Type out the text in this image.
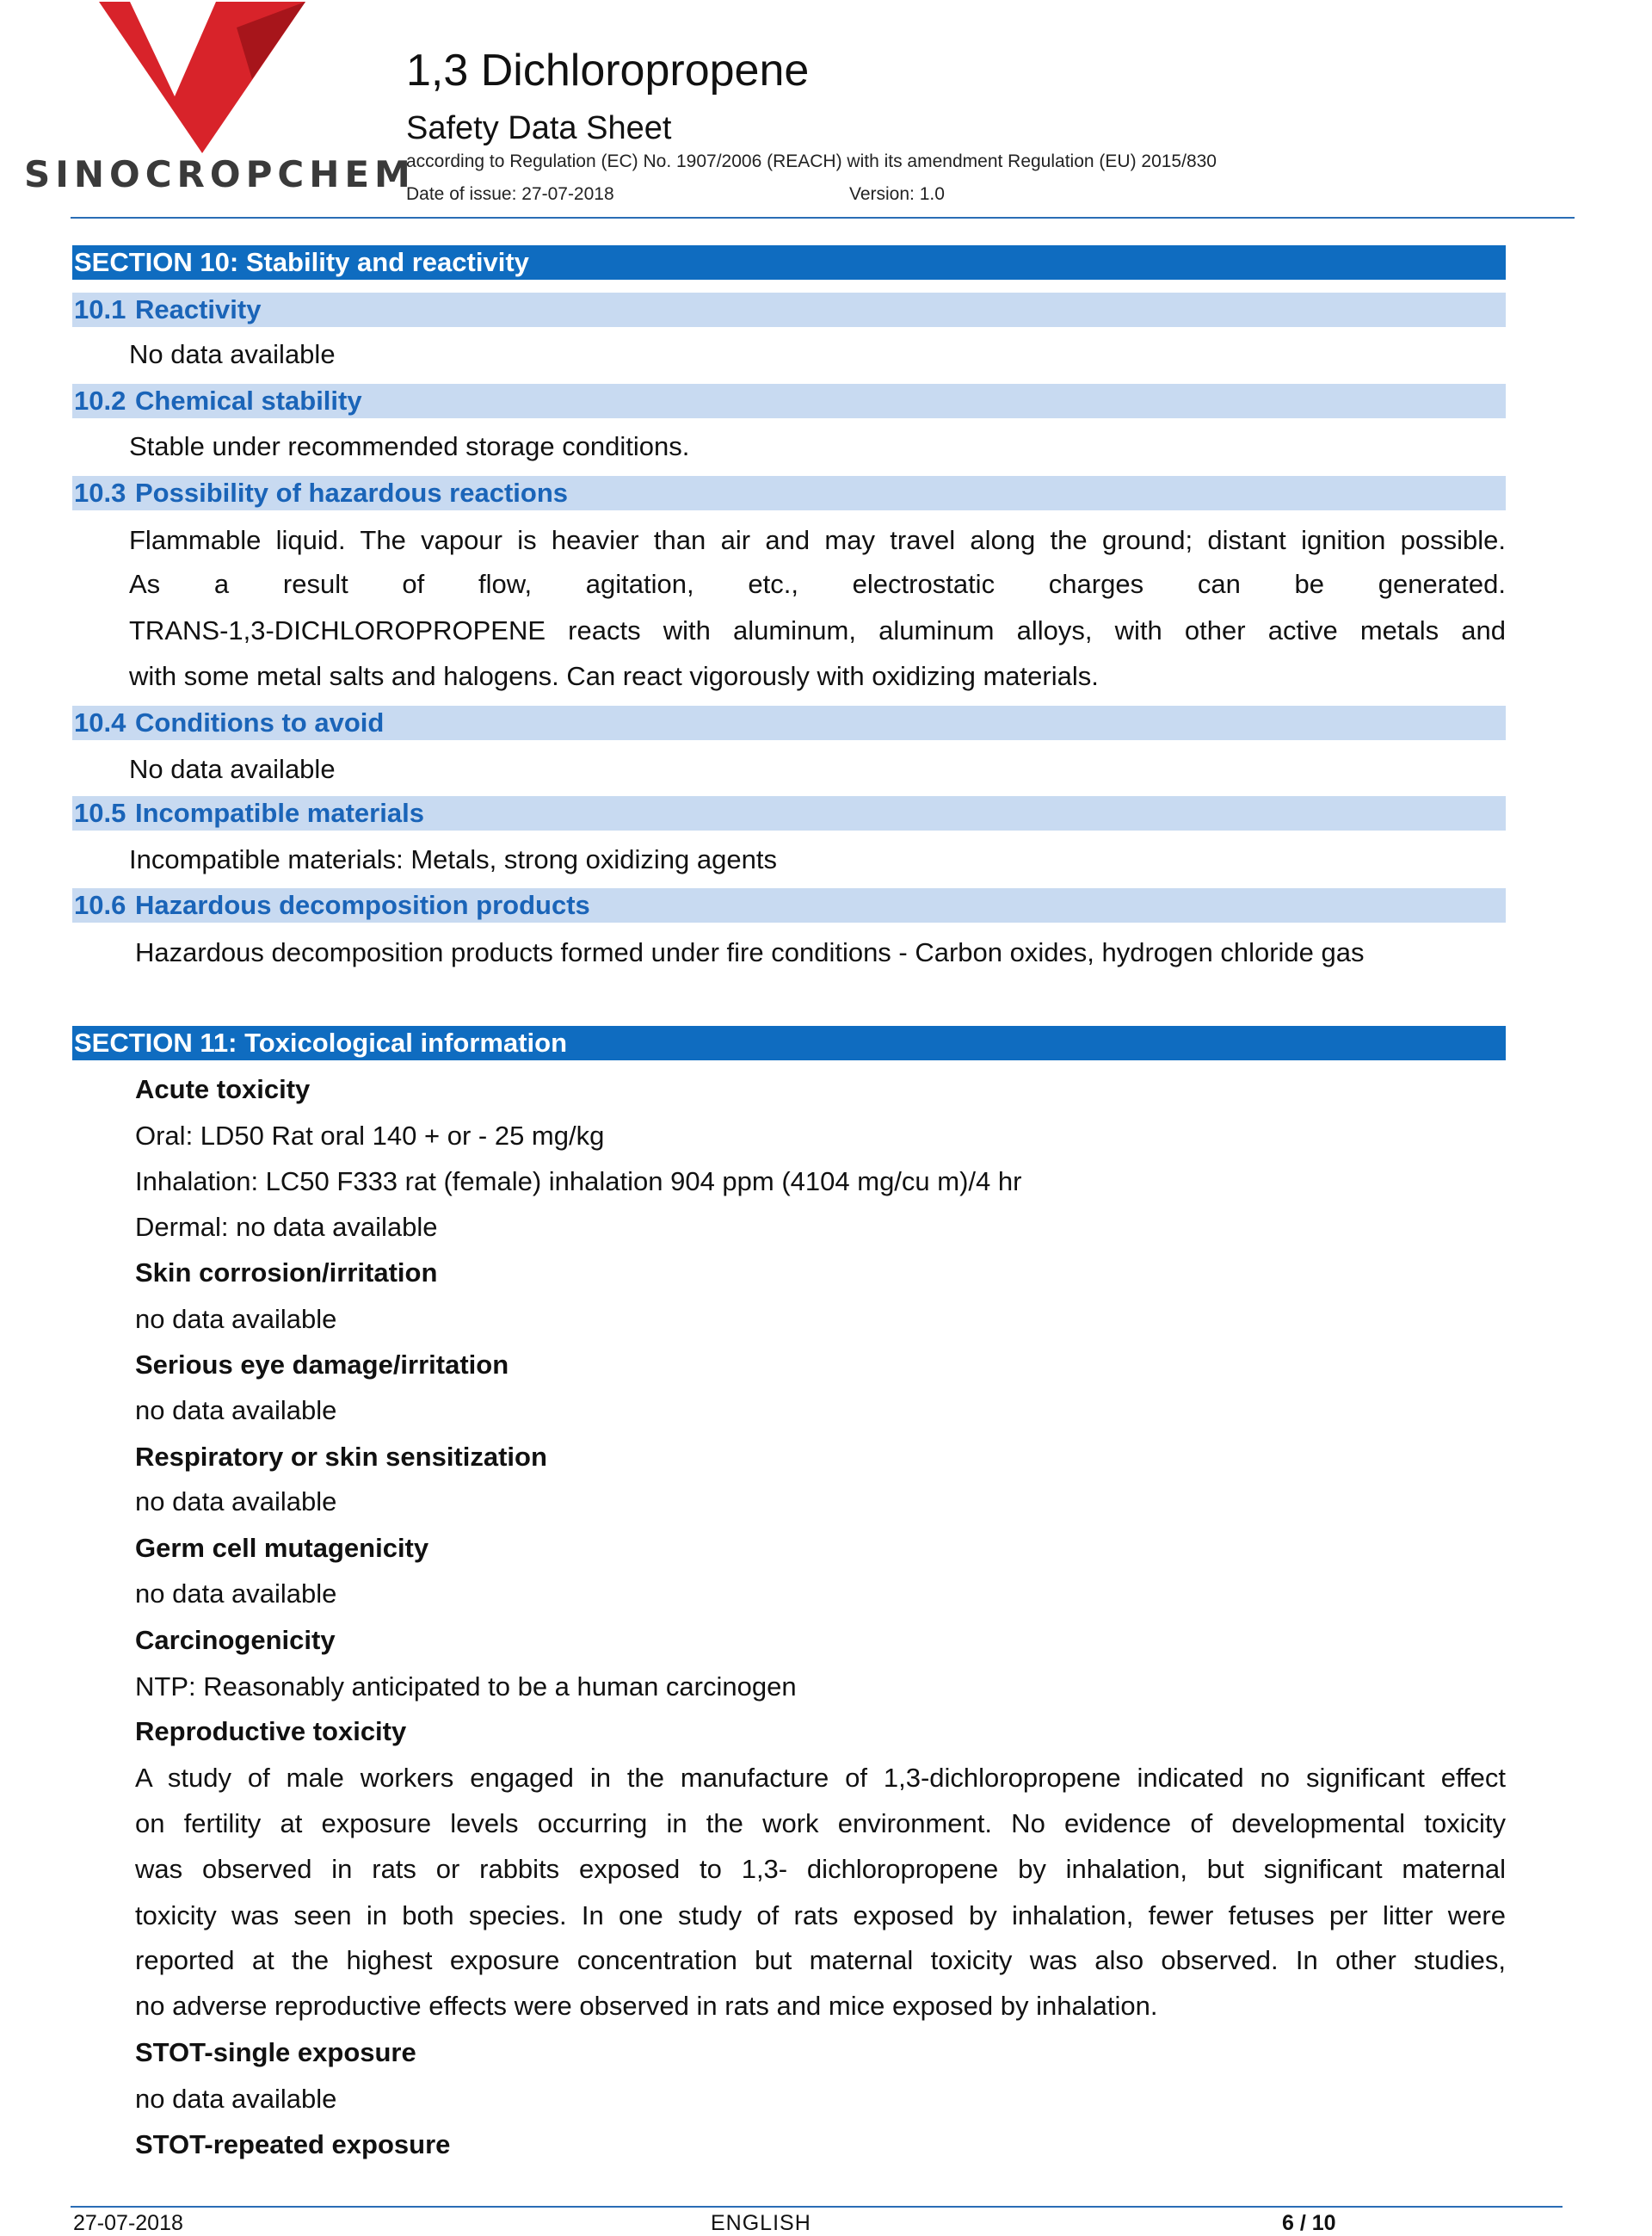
SINOCROPCHEM
1,3 Dichloropropene
Safety Data Sheet
according to Regulation (EC) No. 1907/2006 (REACH) with its amendment Regulation (EU) 2015/830
Date of issue: 27-07-2018	Version: 1.0
SECTION 10: Stability and reactivity
10.1 Reactivity
No data available
10.2 Chemical stability
Stable under recommended storage conditions.
10.3 Possibility of hazardous reactions
Flammable liquid. The vapour is heavier than air and may travel along the ground; distant ignition possible.
As a result of flow, agitation, etc., electrostatic charges can be generated.
TRANS-1,3-DICHLOROPROPENE reacts with aluminum, aluminum alloys, with other active metals and
with some metal salts and halogens. Can react vigorously with oxidizing materials.
10.4 Conditions to avoid
No data available
10.5 Incompatible materials
Incompatible materials: Metals, strong oxidizing agents
10.6 Hazardous decomposition products
Hazardous decomposition products formed under fire conditions - Carbon oxides, hydrogen chloride gas
SECTION 11: Toxicological information
Acute toxicity
Oral: LD50 Rat oral 140 + or - 25 mg/kg
Inhalation: LC50 F333 rat (female) inhalation 904 ppm (4104 mg/cu m)/4 hr
Dermal: no data available
Skin corrosion/irritation
no data available
Serious eye damage/irritation
no data available
Respiratory or skin sensitization
no data available
Germ cell mutagenicity
no data available
Carcinogenicity
NTP: Reasonably anticipated to be a human carcinogen
Reproductive toxicity
A study of male workers engaged in the manufacture of 1,3-dichloropropene indicated no significant effect
on fertility at exposure levels occurring in the work environment. No evidence of developmental toxicity
was observed in rats or rabbits exposed to 1,3- dichloropropene by inhalation, but significant maternal
toxicity was seen in both species. In one study of rats exposed by inhalation, fewer fetuses per litter were
reported at the highest exposure concentration but maternal toxicity was also observed. In other studies,
no adverse reproductive effects were observed in rats and mice exposed by inhalation.
STOT-single exposure
no data available
STOT-repeated exposure
27-07-2018	ENGLISH	6 / 10
